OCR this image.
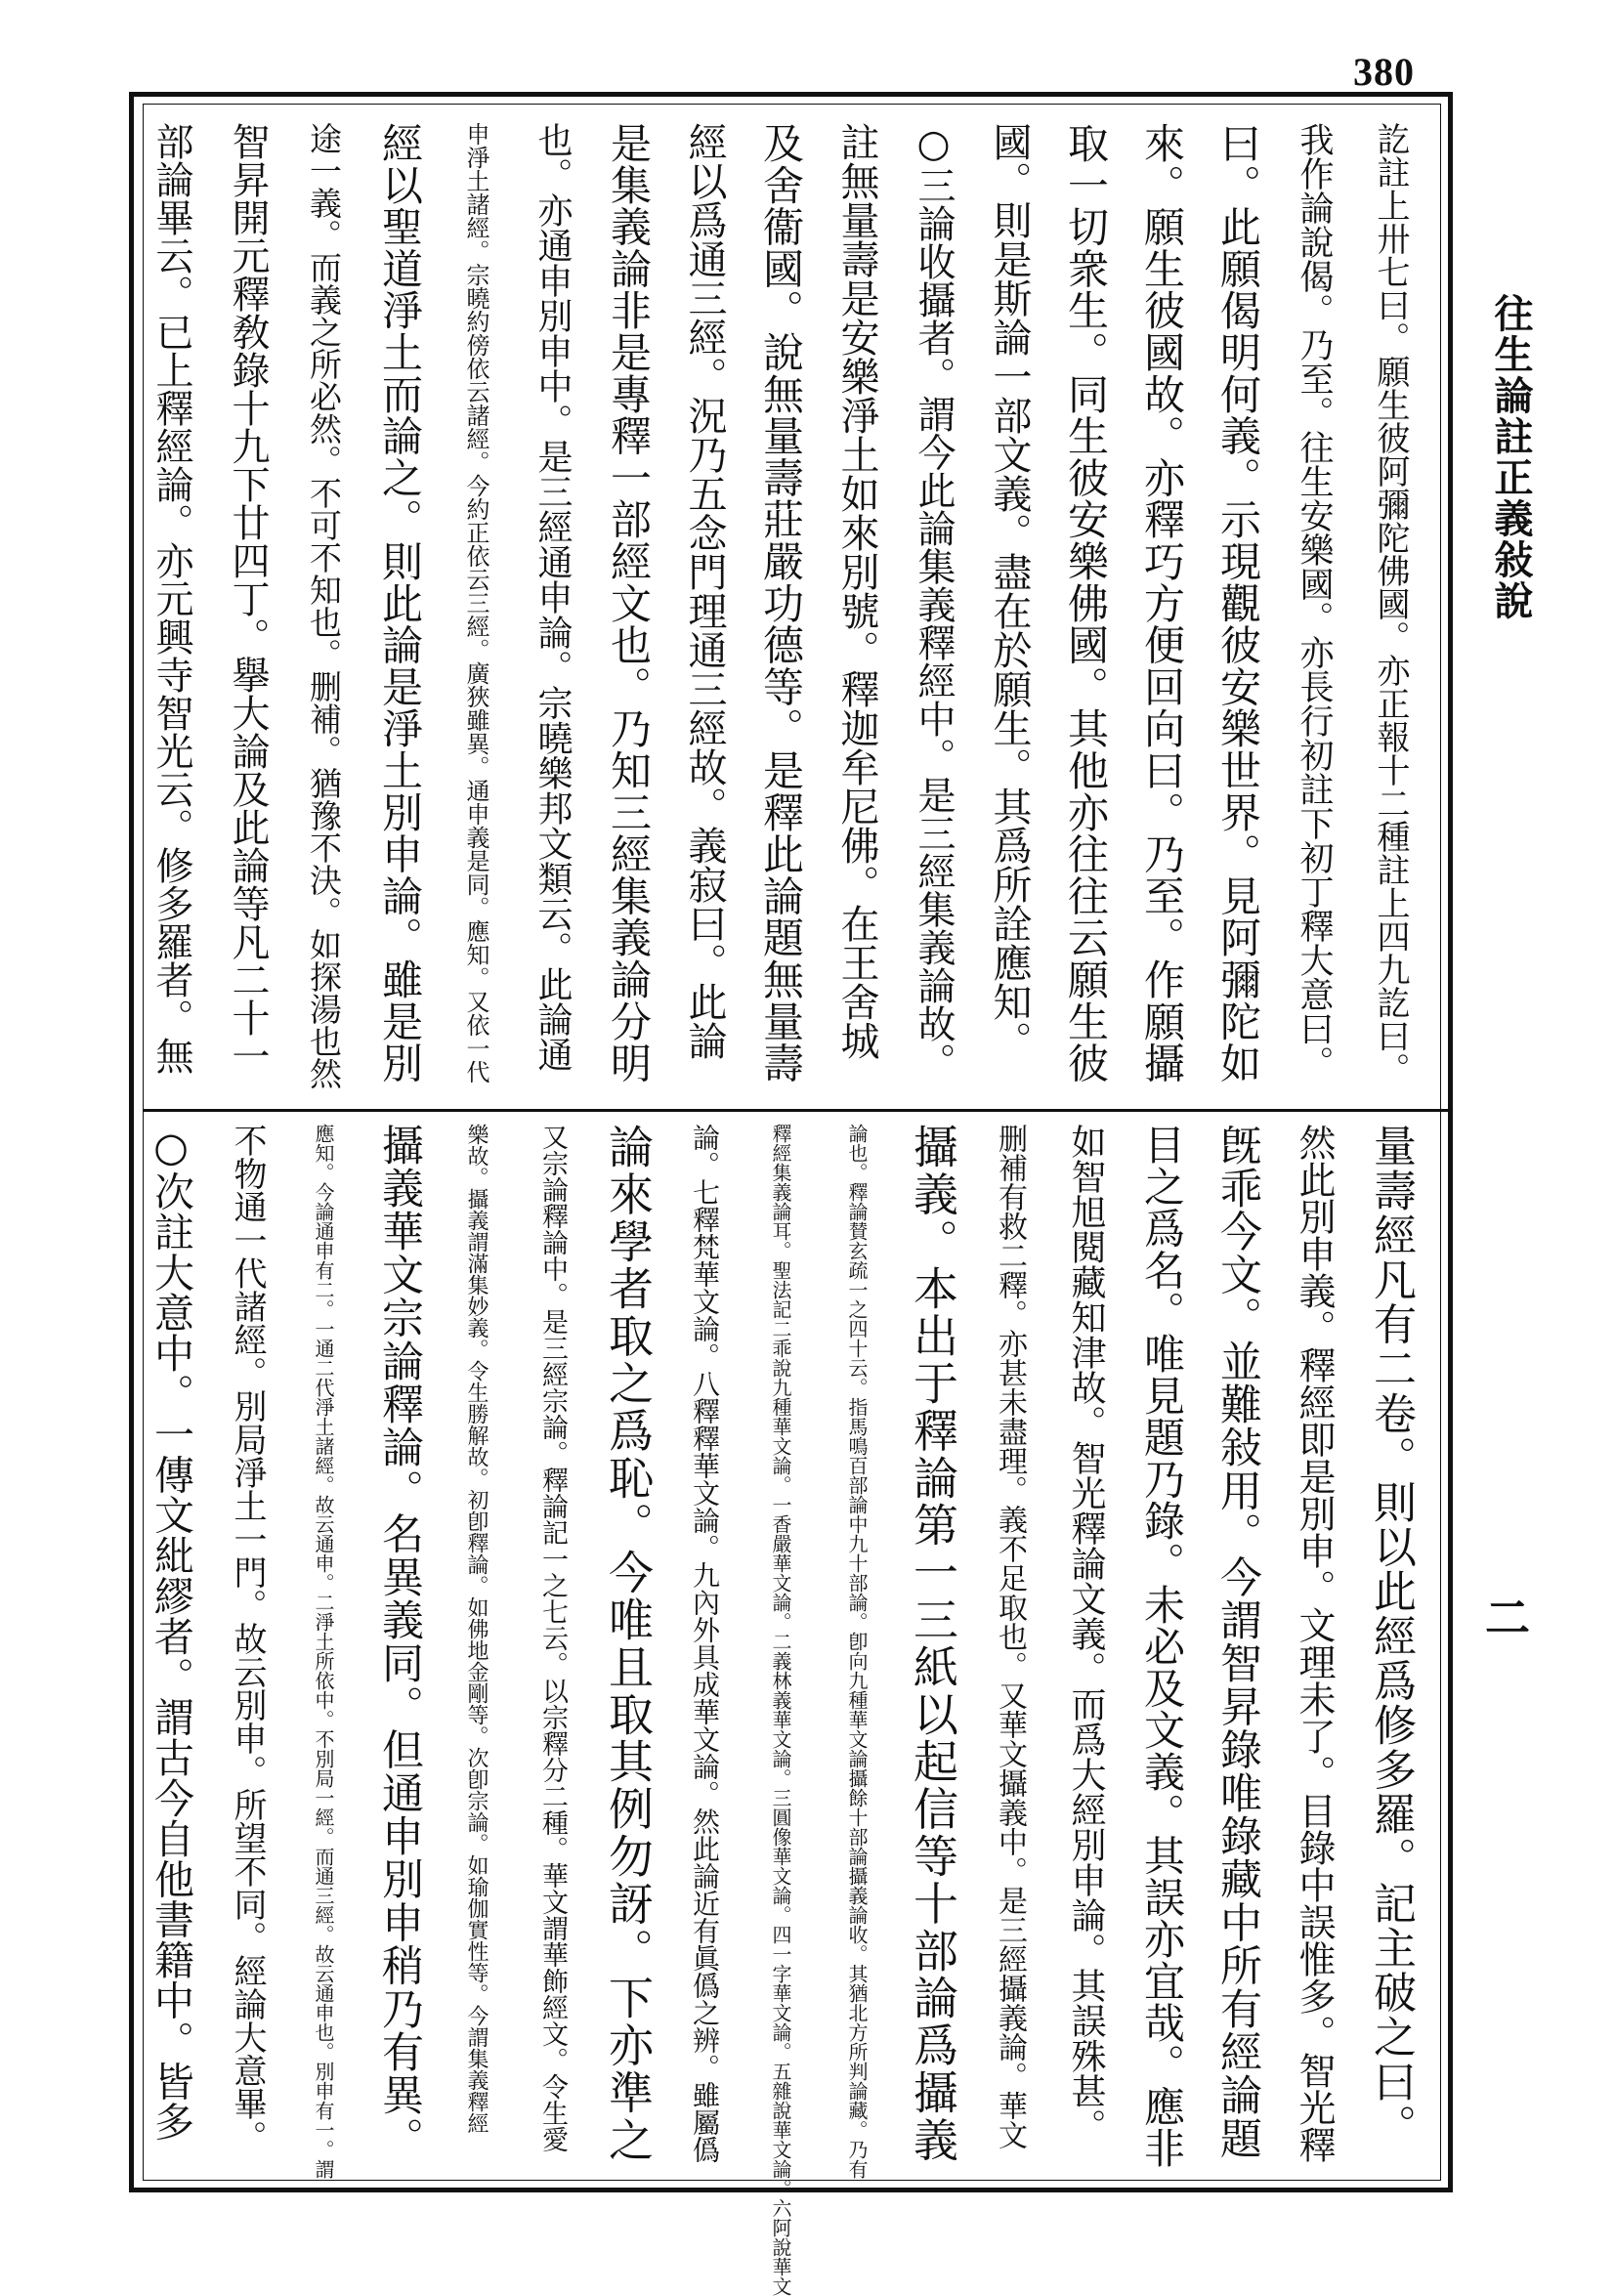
380
往生論註正義敍說
二
訖註上卅七曰。願生彼阿彌陀佛國。亦正報十二種註上四九訖曰。
我作論說偈。乃至。往生安樂國。亦長行初註下初丁釋大意曰。
曰。此願偈明何義。示現觀彼安樂世界。見阿彌陀如
來。願生彼國故。亦釋巧方便回向曰。乃至。作願攝
取一切衆生。同生彼安樂佛國。其他亦往往云願生彼
國。則是斯論一部文義。盡在於願生。其爲所詮應知。
○三論收攝者。謂今此論集義釋經中。是三經集義論故。
註無量壽是安樂淨土如來別號。釋迦牟尼佛。在王舍城
及舍衞國。說無量壽莊嚴功德等。是釋此論題無量壽
經以爲通三經。況乃五念門理通三經故。義寂曰。此論
是集義論非是專釋一部經文也。乃知三經集義論分明
也。亦通申別申中。是三經通申論。宗曉樂邦文類云。此論通
申淨土諸經。宗曉約傍依云諸經。今約正依云三經。廣狹雖異。通申義是同。應知。又依一代
經以聖道淨土而論之。則此論是淨土別申論。雖是別
途一義。而義之所必然。不可不知也。删補。猶豫不決。如探湯也然
智昇開元釋敎錄十九下廿四丁。擧大論及此論等凡二十一
部論畢云。已上釋經論。亦元興寺智光云。修多羅者。無
量壽經凡有二卷。則以此經爲修多羅。記主破之曰。
然此別申義。釋經即是別申。文理未了。目錄中誤惟多。智光釋
旣乖今文。並難敍用。今謂智昇錄唯錄藏中所有經論題
目之爲名。唯見題乃錄。未必及文義。其誤亦宜哉。應非
如智旭閱藏知津故。智光釋論文義。而爲大經別申論。其誤殊甚。
删補有救二釋。亦甚未盡理。義不足取也。又華文攝義中。是三經攝義論。華文
攝義。本出于釋論第一三紙以起信等十部論爲攝義
論也。釋論賛玄疏一之四十云。指馬鳴百部論中九十部論。卽向九種華文論攝餘十部論攝義論收。其猶北方所判論藏。乃有
釋經集義論耳。聖法記二乖說九種華文論。一香嚴華文論。二義林義華文論。三圓像華文論。四一字華文論。五雜說華文論。六阿說華文
論。七釋梵華文論。八釋釋華文論。九內外具成華文論。然此論近有眞僞之辨。雖屬僞
論來學者取之爲恥。今唯且取其例勿訝。下亦準之
又宗論釋論中。是三經宗論。釋論記一之七云。以宗釋分二種。華文謂華飾經文。令生愛
樂故。攝義謂滿集妙義。令生勝解故。初卽釋論。如佛地金剛等。次卽宗論。如瑜伽實性等。今謂集義釋經
攝義華文宗論釋論。名異義同。但通申別申稍乃有異。
應知。今論通申有二。一通二代淨土諸經。故云通申。二淨土所依中。不別局一經。而通三經。故云通申也。別申有一。謂
不物通一代諸經。別局淨土一門。故云別申。所望不同。經論大意畢。
○次註大意中。一傳文紕繆者。謂古今自他書籍中。皆多
